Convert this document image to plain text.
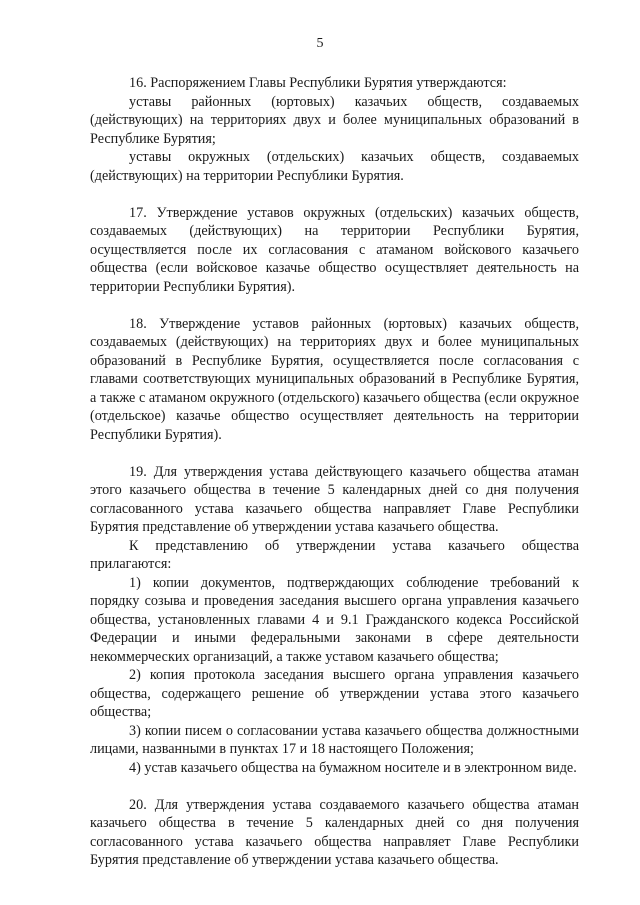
5

16. Распоряжением Главы Республики Бурятия утверждаются:

уставы районных (юртовых) казачьих обществ, создаваемых (действующих) на территориях двух и более муниципальных образований в Республике Бурятия;

уставы окружных (отдельских) казачьих обществ, создаваемых (действующих) на территории Республики Бурятия.

17. Утверждение уставов окружных (отдельских) казачьих обществ, создаваемых (действующих) на территории Республики Бурятия, осуществляется после их согласования с атаманом войскового казачьего общества (если войсковое казачье общество осуществляет деятельность на территории Республики Бурятия).

18. Утверждение уставов районных (юртовых) казачьих обществ, создаваемых (действующих) на территориях двух и более муниципальных образований в Республике Бурятия, осуществляется после согласования с главами соответствующих муниципальных образований в Республике Бурятия, а также с атаманом окружного (отдельского) казачьего общества (если окружное (отдельское) казачье общество осуществляет деятельность на территории Республики Бурятия).

19. Для утверждения устава действующего казачьего общества атаман этого казачьего общества в течение 5 календарных дней со дня получения согласованного устава казачьего общества направляет Главе Республики Бурятия представление об утверждении устава казачьего общества.

К представлению об утверждении устава казачьего общества прилагаются:

1) копии документов, подтверждающих соблюдение требований к порядку созыва и проведения заседания высшего органа управления казачьего общества, установленных главами 4 и 9.1 Гражданского кодекса Российской Федерации и иными федеральными законами в сфере деятельности некоммерческих организаций, а также уставом казачьего общества;

2) копия протокола заседания высшего органа управления казачьего общества, содержащего решение об утверждении устава этого казачьего общества;

3) копии писем о согласовании устава казачьего общества должностными лицами, названными в пунктах 17 и 18 настоящего Положения;

4) устав казачьего общества на бумажном носителе и в электронном виде.

20. Для утверждения устава создаваемого казачьего общества атаман казачьего общества в течение 5 календарных дней со дня получения согласованного устава казачьего общества направляет Главе Республики Бурятия представление об утверждении устава казачьего общества.
